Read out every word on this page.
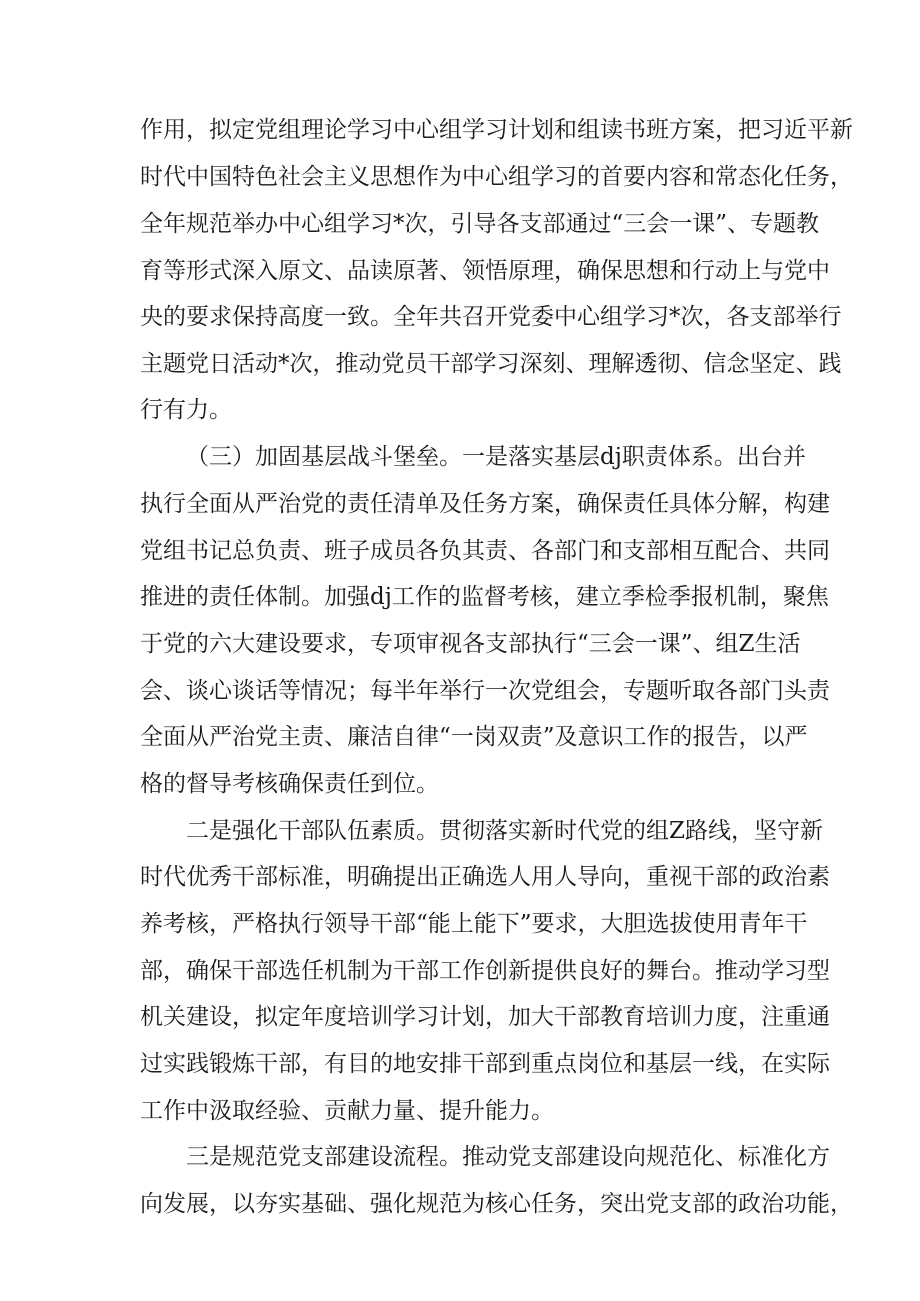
作用，拟定党组理论学习中心组学习计划和组读书班方案，把习近平新
时代中国特色社会主义思想作为中心组学习的首要内容和常态化任务，
全年规范举办中心组学习*次，引导各支部通过“三会一课”、专题教
育等形式深入原文、品读原著、领悟原理，确保思想和行动上与党中
央的要求保持高度一致。全年共召开党委中心组学习*次，各支部举行
主题党日活动*次，推动党员干部学习深刻、理解透彻、信念坚定、践
行有力。
（三）加固基层战斗堡垒。一是落实基层dj职责体系。出台并
执行全面从严治党的责任清单及任务方案，确保责任具体分解，构建
党组书记总负责、班子成员各负其责、各部门和支部相互配合、共同
推进的责任体制。加强dj工作的监督考核，建立季检季报机制，聚焦
于党的六大建设要求，专项审视各支部执行“三会一课”、组Z生活
会、谈心谈话等情况；每半年举行一次党组会，专题听取各部门头责
全面从严治党主责、廉洁自律“一岗双责”及意识工作的报告，以严
格的督导考核确保责任到位。
二是强化干部队伍素质。贯彻落实新时代党的组Z路线，坚守新
时代优秀干部标准，明确提出正确选人用人导向，重视干部的政治素
养考核，严格执行领导干部“能上能下”要求，大胆选拔使用青年干
部，确保干部选任机制为干部工作创新提供良好的舞台。推动学习型
机关建设，拟定年度培训学习计划，加大干部教育培训力度，注重通
过实践锻炼干部，有目的地安排干部到重点岗位和基层一线，在实际
工作中汲取经验、贡献力量、提升能力。
三是规范党支部建设流程。推动党支部建设向规范化、标准化方
向发展，以夯实基础、强化规范为核心任务，突出党支部的政治功能，
